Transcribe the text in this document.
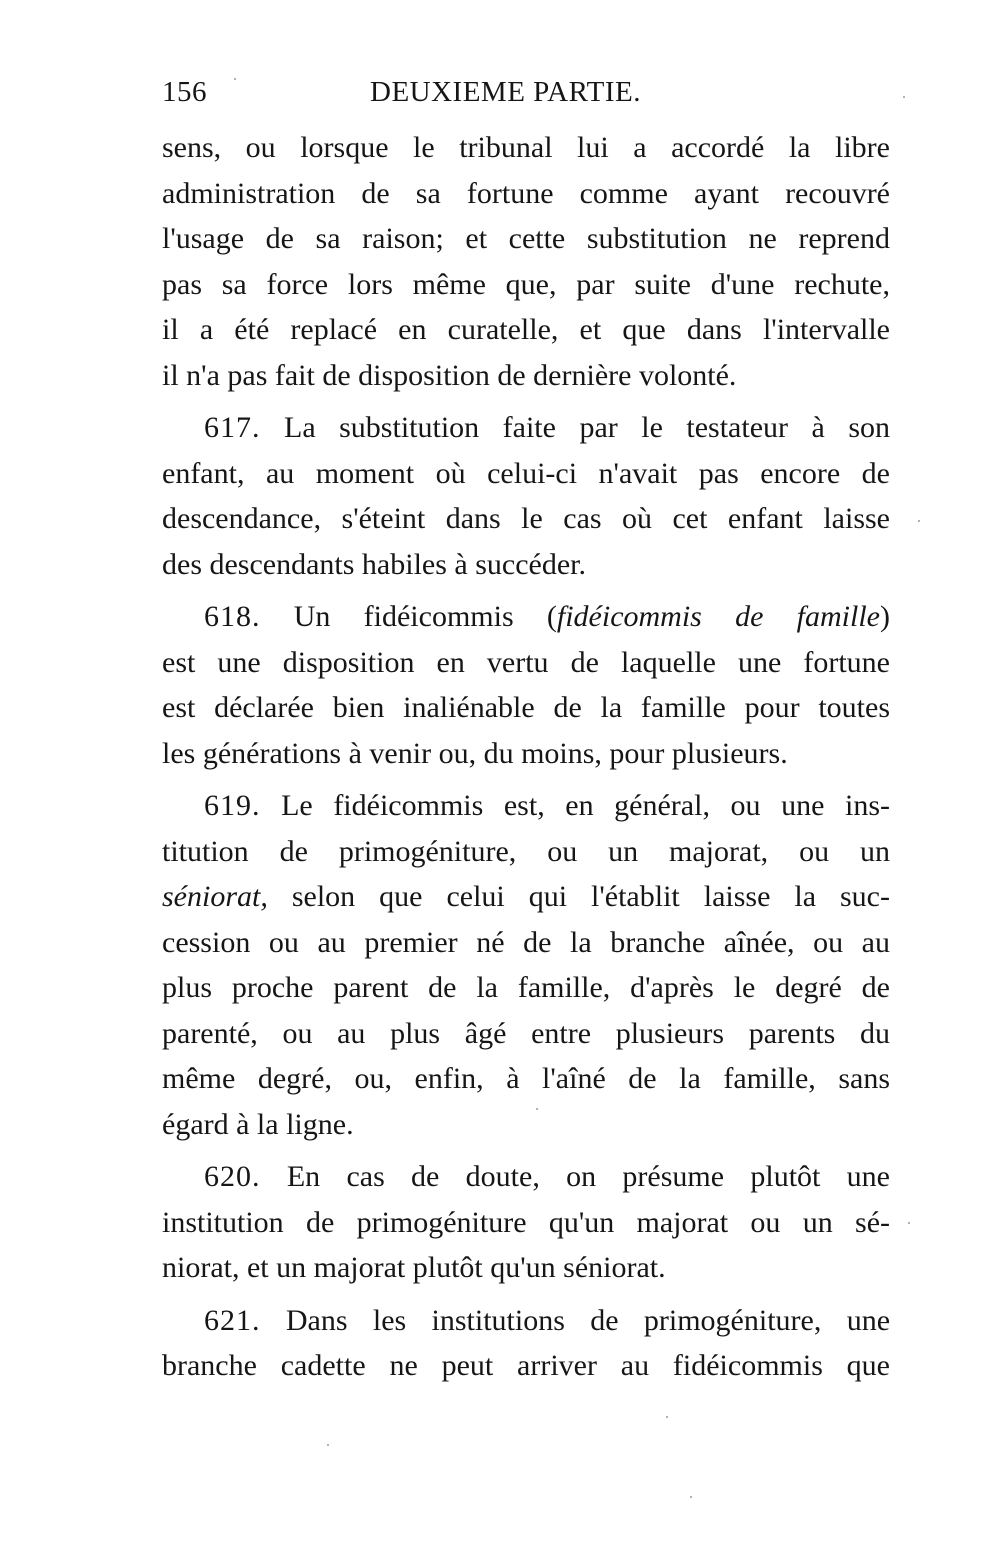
156	DEUXIEME PARTIE.
sens, ou lorsque le tribunal lui a accordé la libre
administration de sa fortune comme ayant recouvré
l'usage de sa raison; et cette substitution ne reprend
pas sa force lors même que, par suite d'une rechute,
il a été replacé en curatelle, et que dans l'intervalle
il n'a pas fait de disposition de dernière volonté.
617. La substitution faite par le testateur à son
enfant, au moment où celui-ci n'avait pas encore de
descendance, s'éteint dans le cas où cet enfant laisse
des descendants habiles à succéder.
618. Un fidéicommis (fidéicommis de famille)
est une disposition en vertu de laquelle une fortune
est déclarée bien inaliénable de la famille pour toutes
les générations à venir ou, du moins, pour plusieurs.
619. Le fidéicommis est, en général, ou une ins-
titution de primogéniture, ou un majorat, ou un
séniorat, selon que celui qui l'établit laisse la suc-
cession ou au premier né de la branche aînée, ou au
plus proche parent de la famille, d'après le degré de
parenté, ou au plus âgé entre plusieurs parents du
même degré, ou, enfin, à l'aîné de la famille, sans
égard à la ligne.
620. En cas de doute, on présume plutôt une
institution de primogéniture qu'un majorat ou un sé-
niorat, et un majorat plutôt qu'un séniorat.
621. Dans les institutions de primogéniture, une
branche cadette ne peut arriver au fidéicommis que
